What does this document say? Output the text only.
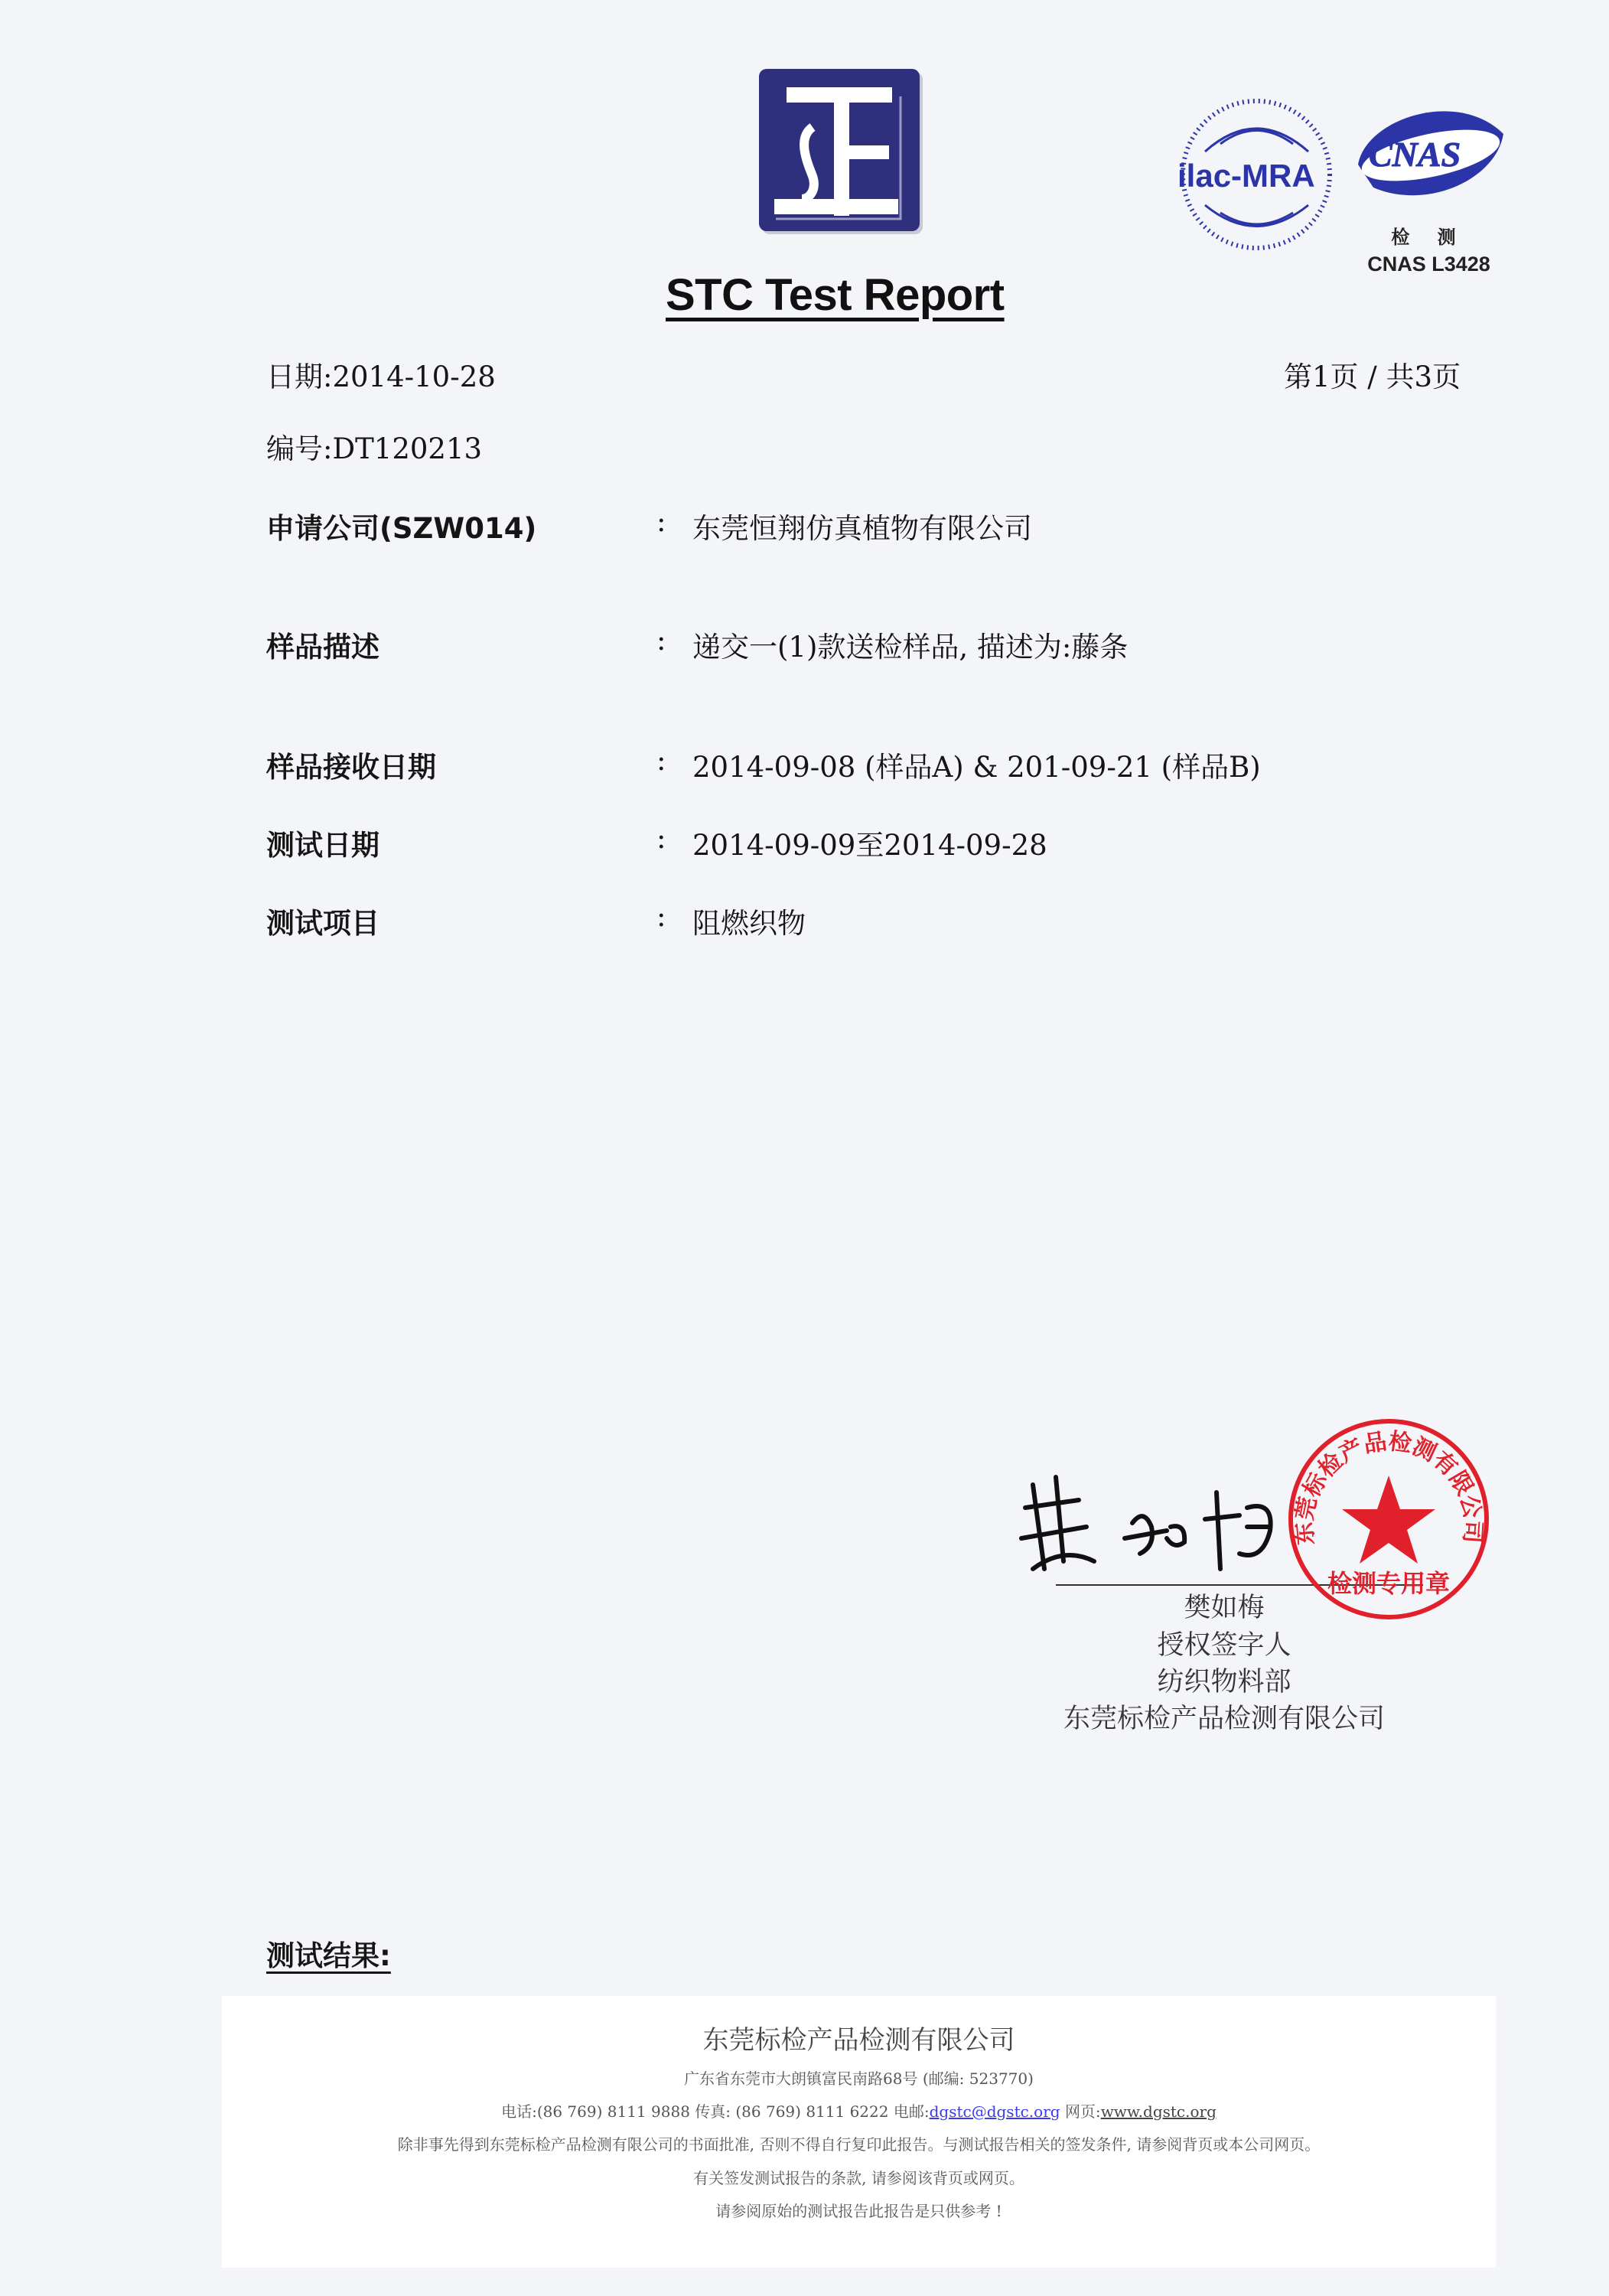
ilac-MRA
CNAS
检 测
CNAS L3428
STC Test Report
日期:2014-10-28	第1页 / 共3页
编号:DT120213
申请公司(SZW014)	: 东莞恒翔仿真植物有限公司
样品描述	: 递交一(1)款送检样品, 描述为:藤条
样品接收日期	: 2014-09-08 (样品A) & 201-09-21 (样品B)
测试日期	: 2014-09-09至2014-09-28
测试项目	: 阻燃织物
东莞标检产品检测有限公司
检测专用章
樊如梅
授权签字人
纺织物料部
东莞标检产品检测有限公司
测试结果:
东莞标检产品检测有限公司
广东省东莞市大朗镇富民南路68号 (邮编: 523770)
电话:(86 769) 8111 9888 传真: (86 769) 8111 6222 电邮:dgstc@dgstc.org 网页:www.dgstc.org
除非事先得到东莞标检产品检测有限公司的书面批准, 否则不得自行复印此报告。与测试报告相关的签发条件, 请参阅背页或本公司网页。
有关签发测试报告的条款, 请参阅该背页或网页。
请参阅原始的测试报告此报告是只供参考 !
